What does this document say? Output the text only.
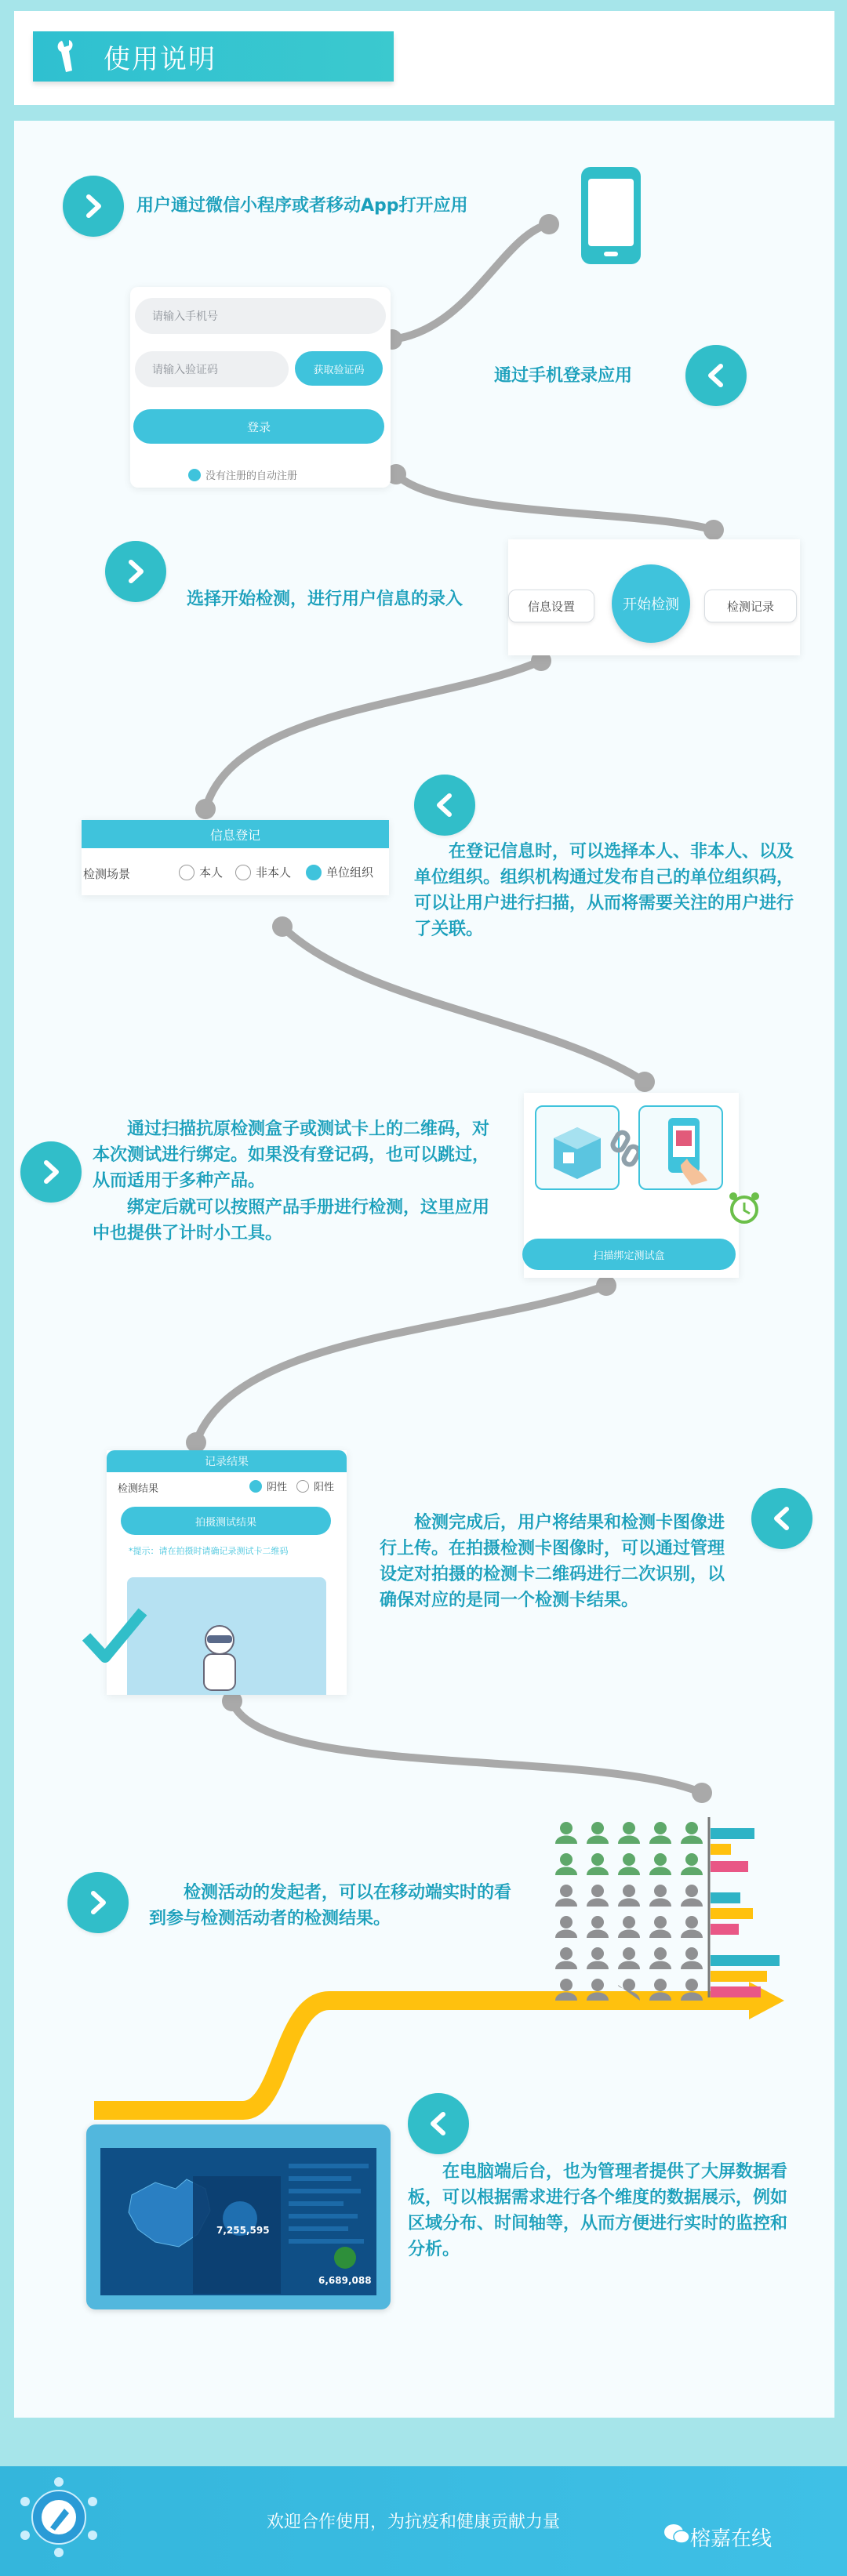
使用说明
用户通过微信小程序或者移动App打开应用
请输入手机号
请输入验证码	获取验证码
登录
没有注册的自动注册
通过手机登录应用
选择开始检测，进行用户信息的录入	信息设置	开始检测	检测记录
信息登记
检测场景	本人	非本人	单位组织
在登记信息时，可以选择本人、非本人、以及单位组织。组织机构通过发布自己的单位组织码，可以让用户进行扫描，从而将需要关注的用户进行了关联。
通过扫描抗原检测盒子或测试卡上的二维码，对本次测试进行绑定。如果没有登记码，也可以跳过，从而适用于多种产品。
绑定后就可以按照产品手册进行检测，这里应用中也提供了计时小工具。
扫描绑定测试盒
记录结果
检测结果	阴性	阳性
拍摄测试结果
*提示：请在拍摄时请确记录测试卡二维码
检测完成后，用户将结果和检测卡图像进行上传。在拍摄检测卡图像时，可以通过管理设定对拍摄的检测卡二维码进行二次识别，以确保对应的是同一个检测卡结果。
检测活动的发起者，可以在移动端实时的看到参与检测活动者的检测结果。
7,255,595
6,689,088
在电脑端后台，也为管理者提供了大屏数据看板，可以根据需求进行各个维度的数据展示，例如区域分布、时间轴等，从而方便进行实时的监控和分析。
欢迎合作使用，为抗疫和健康贡献力量
榕嘉在线
